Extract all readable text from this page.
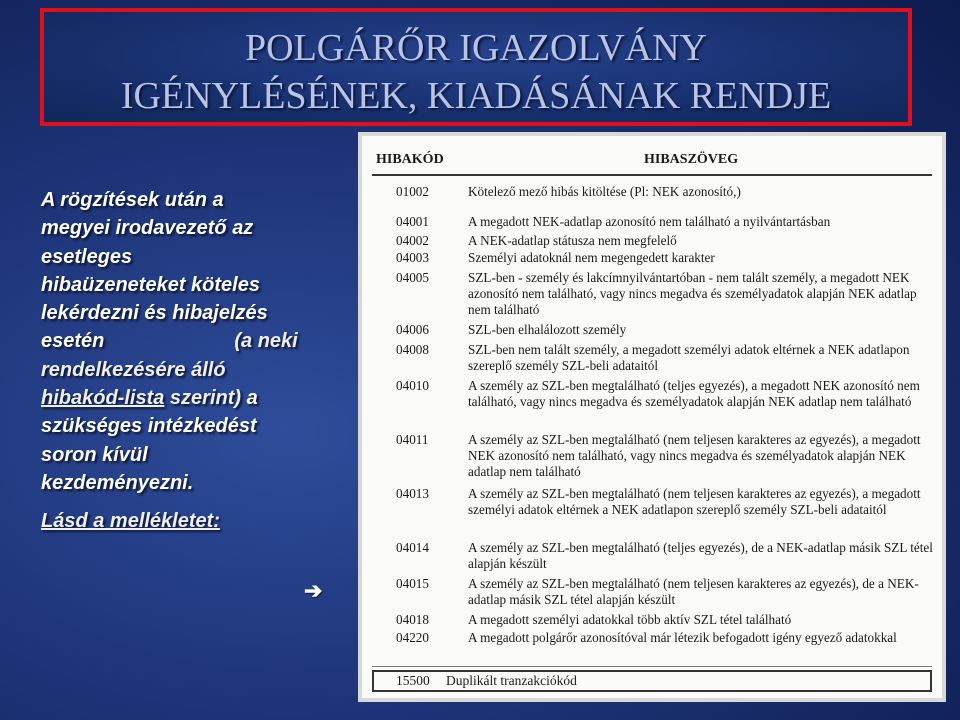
POLGÁRŐR IGAZOLVÁNY
IGÉNYLÉSÉNEK, KIADÁSÁNAK RENDJE
A rögzítések után a
megyei irodavezető az
esetleges
hibaüzeneteket köteles
lekérdezni és hibajelzés
esetén	(a neki
rendelkezésére álló
hibakód-lista szerint) a
szükséges intézkedést
soron kívül
kezdeményezni.
Lásd a mellékletet:
➔
HIBAKÓD	HIBASZÖVEG
01002	Kötelező mező hibás kitöltése (Pl: NEK azonosító,)
04001	A megadott NEK-adatlap azonosító nem található a nyilvántartásban
04002	A NEK-adatlap státusza nem megfelelő
04003	Személyi adatoknál nem megengedett karakter
04005	SZL-ben - személy és lakcímnyilvántartóban - nem talált személy, a megadott NEK azonosító nem található, vagy nincs megadva és személyadatok alapján NEK adatlap nem található
04006	SZL-ben elhalálozott személy
04008	SZL-ben nem talált személy, a megadott személyi adatok eltérnek a NEK adatlapon szereplő személy SZL-beli adataitól
04010	A személy az SZL-ben megtalálható (teljes egyezés), a megadott NEK azonosító nem található, vagy nincs megadva és személyadatok alapján NEK adatlap nem található
04011	A személy az SZL-ben megtalálható (nem teljesen karakteres az egyezés), a megadott NEK azonosító nem található, vagy nincs megadva és személyadatok alapján NEK adatlap nem található
04013	A személy az SZL-ben megtalálható (nem teljesen karakteres az egyezés), a megadott személyi adatok eltérnek a NEK adatlapon szereplő személy SZL-beli adataitól
04014	A személy az SZL-ben megtalálható (teljes egyezés), de a NEK-adatlap másik SZL tétel alapján készült
04015	A személy az SZL-ben megtalálható (nem teljesen karakteres az egyezés), de a NEK-adatlap másik SZL tétel alapján készült
04018	A megadott személyi adatokkal több aktív SZL tétel található
04220	A megadott polgárőr azonosítóval már létezik befogadott igény egyező adatokkal
15500	Duplikált tranzakciókód
